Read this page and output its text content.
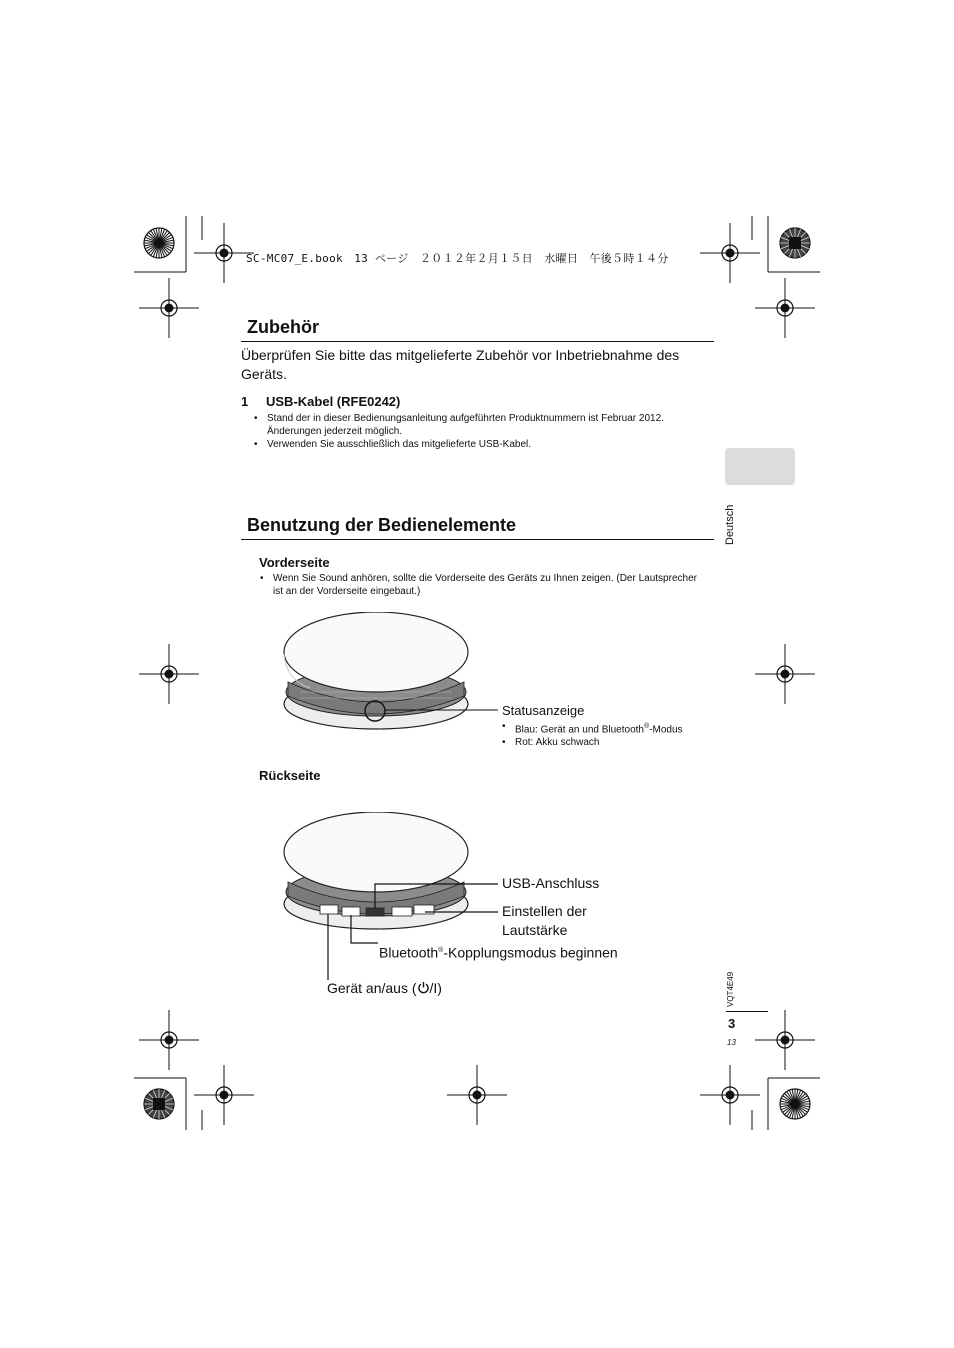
SC-MC07_E.book　13 ページ　２０１２年２月１５日　水曜日　午後５時１４分
Zubehör
Überprüfen Sie bitte das mitgelieferte Zubehör vor Inbetriebnahme des Geräts.
1 USB-Kabel (RFE0242)
• Stand der in dieser Bedienungsanleitung aufgeführten Produktnummern ist Februar 2012. Änderungen jederzeit möglich.
• Verwenden Sie ausschließlich das mitgelieferte USB-Kabel.
Benutzung der Bedienelemente
Vorderseite
• Wenn Sie Sound anhören, sollte die Vorderseite des Geräts zu Ihnen zeigen. (Der Lautsprecher ist an der Vorderseite eingebaut.)
Statusanzeige
• Blau: Gerät an und Bluetooth®-Modus
• Rot: Akku schwach
Rückseite
USB-Anschluss
Einstellen der
Lautstärke
Bluetooth®-Kopplungsmodus beginnen
Gerät an/aus ( /I)
Deutsch
VQT4E49
3
13
